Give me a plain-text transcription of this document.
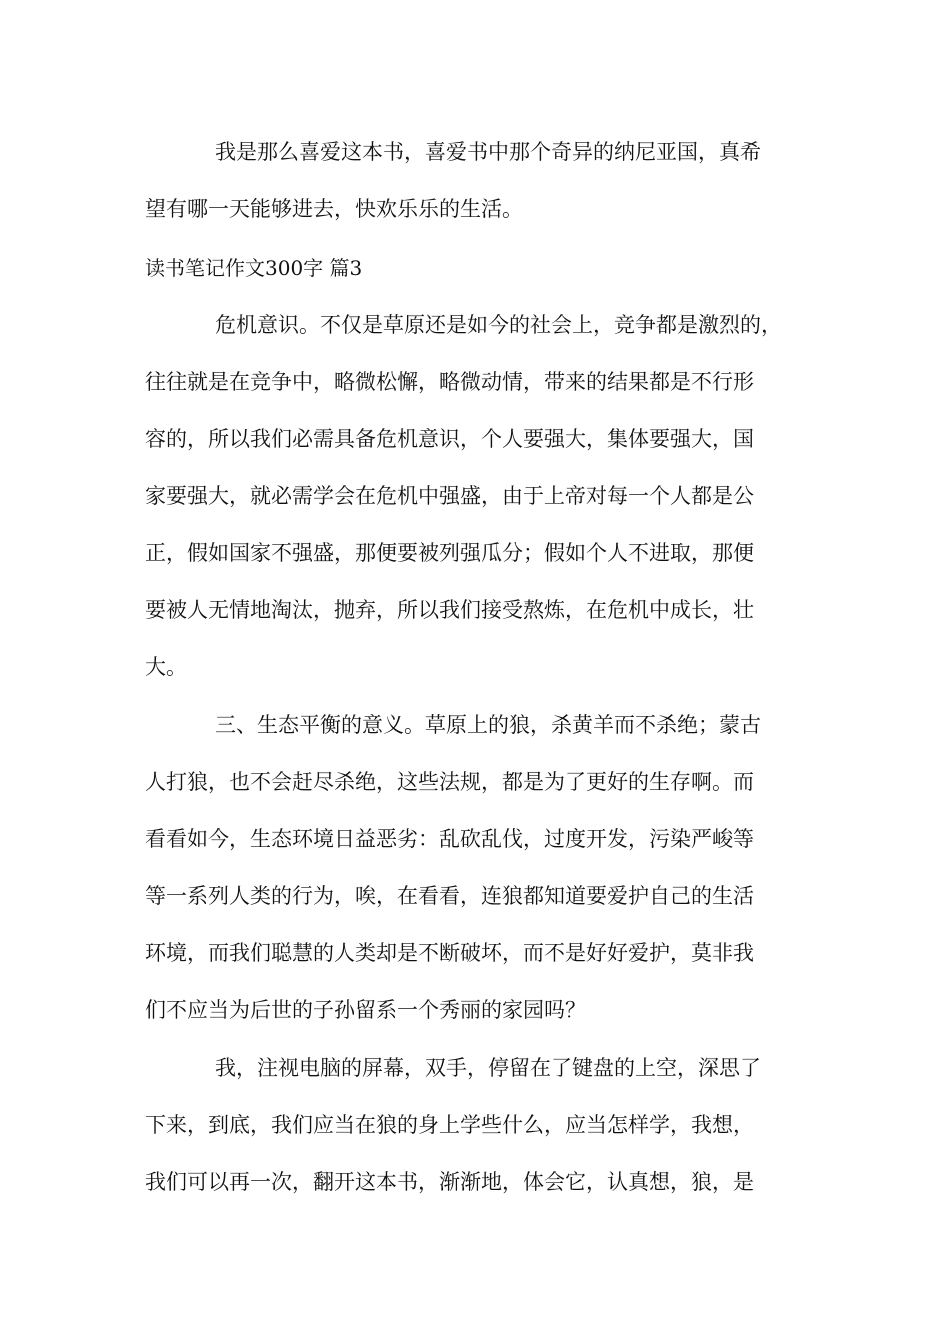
我是那么喜爱这本书，喜爱书中那个奇异的纳尼亚国，真希
望有哪一天能够进去，快欢乐乐的生活。
读书笔记作文300字 篇3
危机意识。不仅是草原还是如今的社会上，竞争都是激烈的，
往往就是在竞争中，略微松懈，略微动情，带来的结果都是不行形
容的，所以我们必需具备危机意识，个人要强大，集体要强大，国
家要强大，就必需学会在危机中强盛，由于上帝对每一个人都是公
正，假如国家不强盛，那便要被列强瓜分；假如个人不进取，那便
要被人无情地淘汰，抛弃，所以我们接受熬炼，在危机中成长，壮
大。
三、生态平衡的意义。草原上的狼，杀黄羊而不杀绝；蒙古
人打狼，也不会赶尽杀绝，这些法规，都是为了更好的生存啊。而
看看如今，生态环境日益恶劣：乱砍乱伐，过度开发，污染严峻等
等一系列人类的行为，唉，在看看，连狼都知道要爱护自己的生活
环境，而我们聪慧的人类却是不断破坏，而不是好好爱护，莫非我
们不应当为后世的子孙留系一个秀丽的家园吗？
我，注视电脑的屏幕，双手，停留在了键盘的上空，深思了
下来，到底，我们应当在狼的身上学些什么，应当怎样学，我想，
我们可以再一次，翻开这本书，渐渐地，体会它，认真想，狼，是
